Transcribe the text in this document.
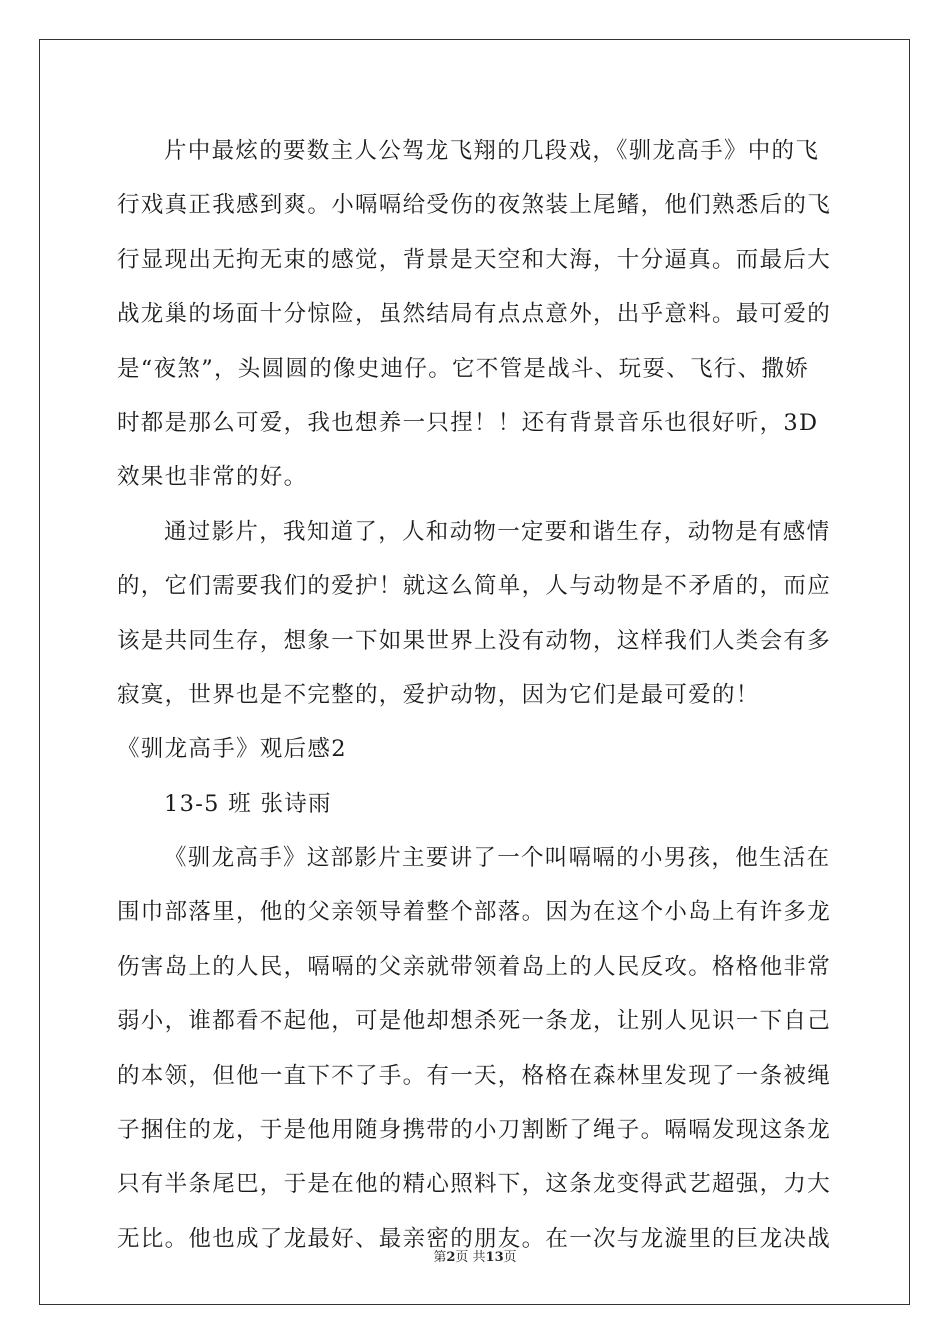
片中最炫的要数主人公驾龙飞翔的几段戏，《驯龙高手》中的飞
行戏真正我感到爽。小嗝嗝给受伤的夜煞装上尾鳍，他们熟悉后的飞
行显现出无拘无束的感觉，背景是天空和大海，十分逼真。而最后大
战龙巢的场面十分惊险，虽然结局有点点意外，出乎意料。最可爱的
是“夜煞”，头圆圆的像史迪仔。它不管是战斗、玩耍、飞行、撒娇
时都是那么可爱，我也想养一只捏！！还有背景音乐也很好听，3D
效果也非常的好。
通过影片，我知道了，人和动物一定要和谐生存，动物是有感情
的，它们需要我们的爱护！就这么简单，人与动物是不矛盾的，而应
该是共同生存，想象一下如果世界上没有动物，这样我们人类会有多
寂寞，世界也是不完整的，爱护动物，因为它们是最可爱的！
《驯龙高手》观后感2
13-5 班 张诗雨
《驯龙高手》这部影片主要讲了一个叫嗝嗝的小男孩，他生活在
围巾部落里，他的父亲领导着整个部落。因为在这个小岛上有许多龙
伤害岛上的人民，嗝嗝的父亲就带领着岛上的人民反攻。格格他非常
弱小，谁都看不起他，可是他却想杀死一条龙，让别人见识一下自己
的本领，但他一直下不了手。有一天，格格在森林里发现了一条被绳
子捆住的龙，于是他用随身携带的小刀割断了绳子。嗝嗝发现这条龙
只有半条尾巴，于是在他的精心照料下，这条龙变得武艺超强，力大
无比。他也成了龙最好、最亲密的朋友。在一次与龙漩里的巨龙决战
第2页 共13页
